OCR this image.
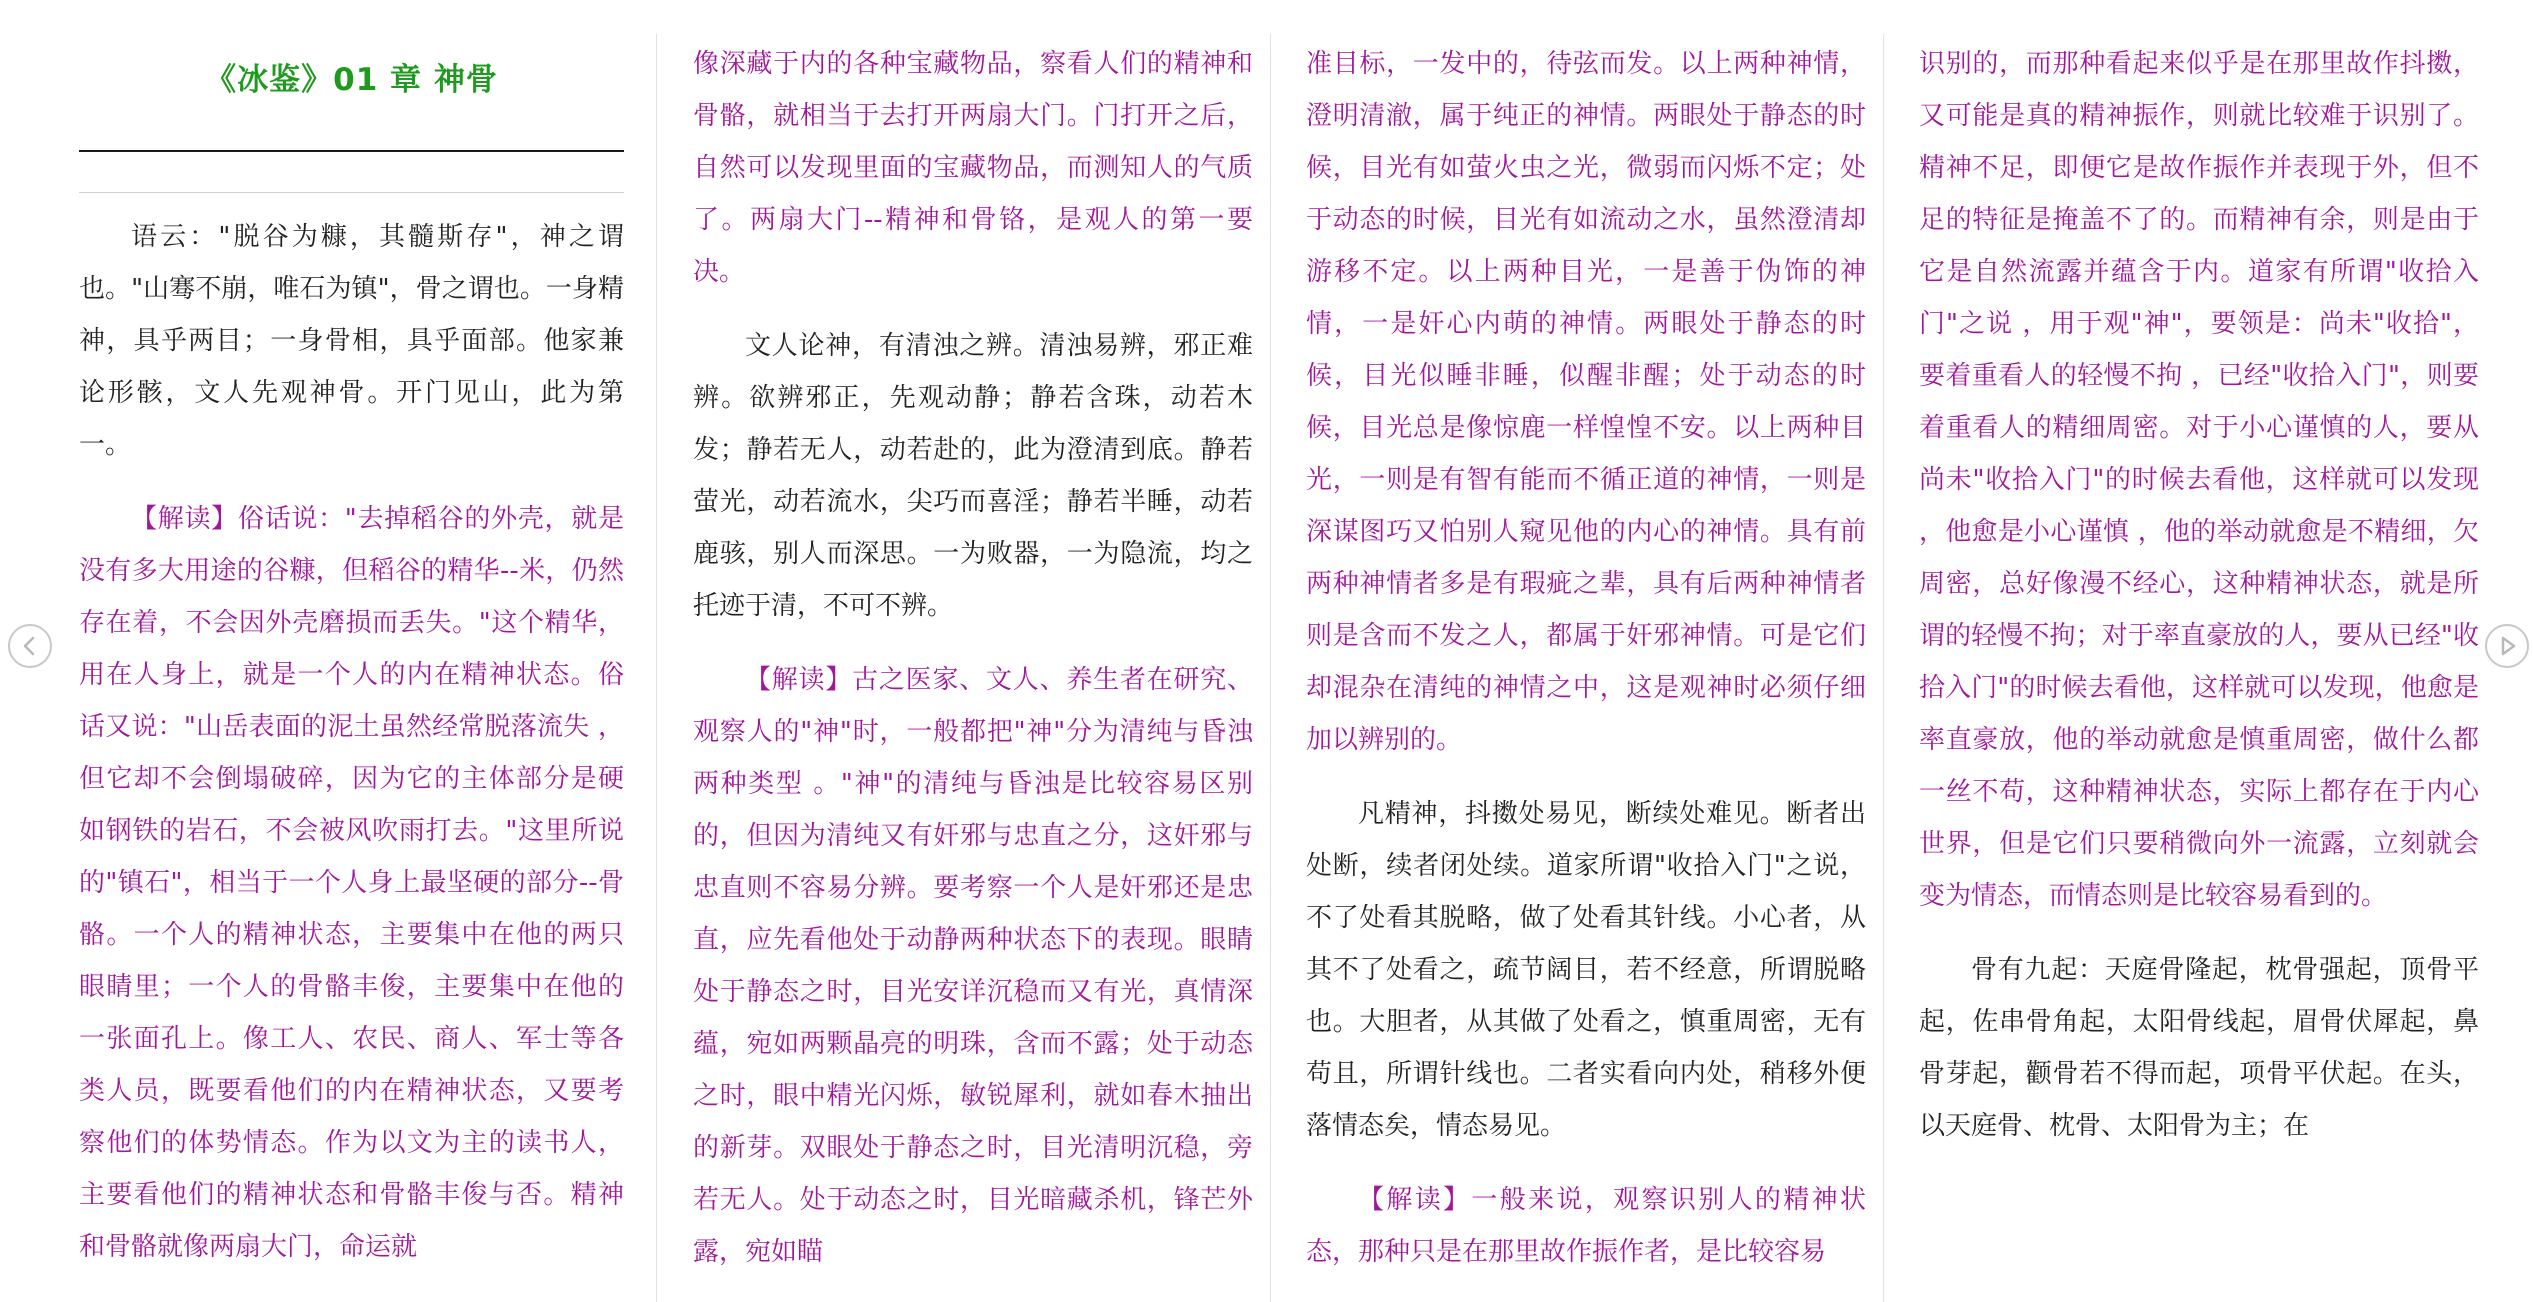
《冰鉴》01 章 神骨

语云："脱谷为糠，其髓斯存"，神之谓也。"山骞不崩，唯石为镇"，骨之谓也。一身精神，具乎两目；一身骨相，具乎面部。他家兼论形骸，文人先观神骨。开门见山，此为第一。

【解读】俗话说："去掉稻谷的外壳，就是没有多大用途的谷糠，但稻谷的精华--米，仍然存在着，不会因外壳磨损而丢失。"这个精华，用在人身上，就是一个人的内在精神状态。俗话又说："山岳表面的泥土虽然经常脱落流失 ，但它却不会倒塌破碎，因为它的主体部分是硬如钢铁的岩石，不会被风吹雨打去。"这里所说的"镇石"，相当于一个人身上最坚硬的部分--骨骼。一个人的精神状态，主要集中在他的两只眼睛里；一个人的骨骼丰俊，主要集中在他的一张面孔上。像工人、农民、商人、军士等各类人员，既要看他们的内在精神状态，又要考察他们的体势情态。作为以文为主的读书人，主要看他们的精神状态和骨骼丰俊与否。精神和骨骼就像两扇大门，命运就

像深藏于内的各种宝藏物品，察看人们的精神和骨骼，就相当于去打开两扇大门。门打开之后，自然可以发现里面的宝藏物品，而测知人的气质了。两扇大门--精神和骨铬，是观人的第一要决。

文人论神，有清浊之辨。清浊易辨，邪正难辨。欲辨邪正，先观动静；静若含珠，动若木发；静若无人，动若赴的，此为澄清到底。静若萤光，动若流水，尖巧而喜淫；静若半睡，动若鹿骇，别人而深思。一为败器，一为隐流，均之托迹于清，不可不辨。

【解读】古之医家、文人、养生者在研究、观察人的"神"时，一般都把"神"分为清纯与昏浊两种类型 。"神"的清纯与昏浊是比较容易区别的，但因为清纯又有奸邪与忠直之分，这奸邪与忠直则不容易分辨。要考察一个人是奸邪还是忠直，应先看他处于动静两种状态下的表现。眼睛处于静态之时，目光安详沉稳而又有光，真情深蕴，宛如两颗晶亮的明珠，含而不露；处于动态之时，眼中精光闪烁，敏锐犀利，就如春木抽出的新芽。双眼处于静态之时，目光清明沉稳，旁若无人。处于动态之时，目光暗藏杀机，锋芒外露，宛如瞄

准目标，一发中的，待弦而发。以上两种神情，澄明清澈，属于纯正的神情。两眼处于静态的时候，目光有如萤火虫之光，微弱而闪烁不定；处于动态的时候，目光有如流动之水，虽然澄清却游移不定。以上两种目光，一是善于伪饰的神情，一是奸心内萌的神情。两眼处于静态的时候，目光似睡非睡，似醒非醒；处于动态的时候，目光总是像惊鹿一样惶惶不安。以上两种目光，一则是有智有能而不循正道的神情，一则是深谋图巧又怕别人窥见他的内心的神情。具有前两种神情者多是有瑕疵之辈，具有后两种神情者则是含而不发之人，都属于奸邪神情。可是它们却混杂在清纯的神情之中，这是观神时必须仔细加以辨别的。

凡精神，抖擞处易见，断续处难见。断者出处断，续者闭处续。道家所谓"收拾入门"之说，不了处看其脱略，做了处看其针线。小心者，从其不了处看之，疏节阔目，若不经意，所谓脱略也。大胆者，从其做了处看之，慎重周密，无有苟且，所谓针线也。二者实看向内处，稍移外便落情态矣，情态易见。

【解读】一般来说，观察识别人的精神状态，那种只是在那里故作振作者，是比较容易

识别的，而那种看起来似乎是在那里故作抖擞，又可能是真的精神振作，则就比较难于识别了。精神不足，即便它是故作振作并表现于外，但不足的特征是掩盖不了的。而精神有余，则是由于它是自然流露并蕴含于内。道家有所谓"收拾入门"之说 ，用于观"神"，要领是：尚未"收拾"，要着重看人的轻慢不拘 ，已经"收拾入门"，则要着重看人的精细周密。对于小心谨慎的人，要从尚未"收拾入门"的时候去看他，这样就可以发现 ，他愈是小心谨慎 ，他的举动就愈是不精细，欠周密，总好像漫不经心，这种精神状态，就是所谓的轻慢不拘；对于率直豪放的人，要从已经"收拾入门"的时候去看他，这样就可以发现，他愈是率直豪放，他的举动就愈是慎重周密，做什么都一丝不苟，这种精神状态，实际上都存在于内心世界，但是它们只要稍微向外一流露，立刻就会变为情态，而情态则是比较容易看到的。

骨有九起：天庭骨隆起，枕骨强起，顶骨平起，佐串骨角起，太阳骨线起，眉骨伏犀起，鼻骨芽起，颧骨若不得而起，项骨平伏起。在头，以天庭骨、枕骨、太阳骨为主；在
